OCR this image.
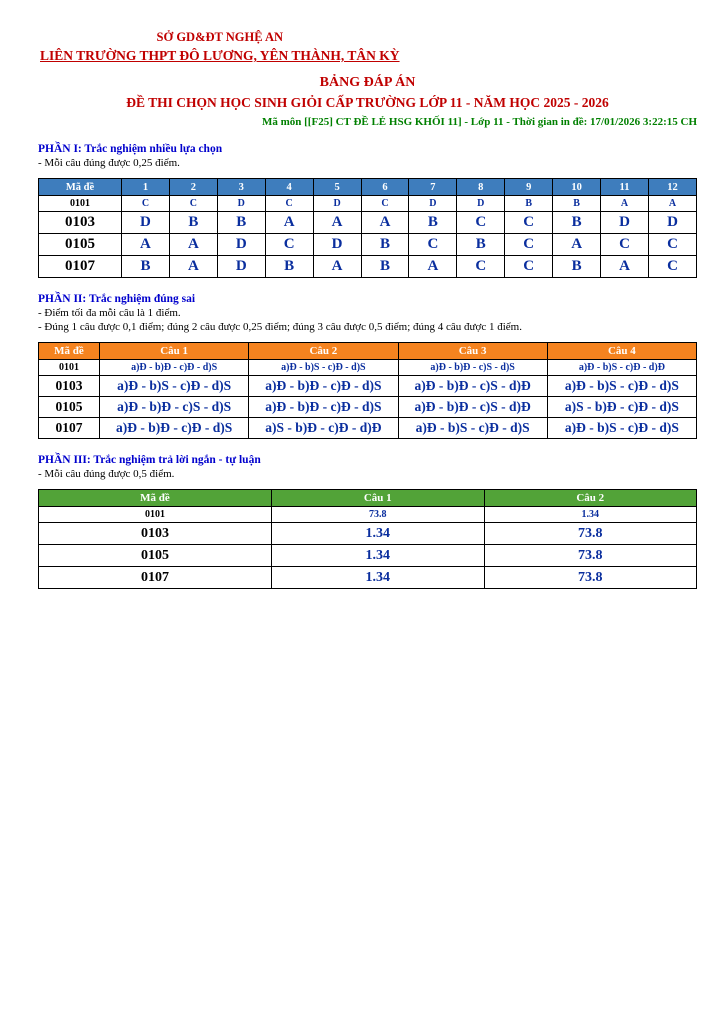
SỞ GD&ĐT NGHỆ AN
LIÊN TRƯỜNG THPT ĐÔ LƯƠNG, YÊN THÀNH, TÂN KỲ
BẢNG ĐÁP ÁN
ĐỀ THI CHỌN HỌC SINH GIỎI CẤP TRƯỜNG LỚP 11 - NĂM HỌC 2025 - 2026
Mã môn [[F25] CT ĐỀ LẺ HSG KHỐI 11] - Lớp 11 - Thời gian in đề: 17/01/2026 3:22:15 CH
PHẦN I: Trắc nghiệm nhiều lựa chọn
- Mỗi câu đúng được 0,25 điểm.
Mã đề	1	2	3	4	5	6	7	8	9	10	11	12
0101	C	C	D	C	D	C	D	D	B	B	A	A
0103	D	B	B	A	A	A	B	C	C	B	D	D
0105	A	A	D	C	D	B	C	B	C	A	C	C
0107	B	A	D	B	A	B	A	C	C	B	A	C
PHẦN II: Trắc nghiệm đúng sai
- Điểm tối đa mỗi câu là 1 điểm.
- Đúng 1 câu được 0,1 điểm; đúng 2 câu được 0,25 điểm; đúng 3 câu được 0,5 điểm; đúng 4 câu được 1 điểm.
Mã đề	Câu 1	Câu 2	Câu 3	Câu 4
0101	a)Đ - b)Đ - c)Đ - d)S	a)Đ - b)S - c)Đ - d)S	a)Đ - b)Đ - c)S - d)S	a)Đ - b)S - c)Đ - d)Đ
0103	a)Đ - b)S - c)Đ - d)S	a)Đ - b)Đ - c)Đ - d)S	a)Đ - b)Đ - c)S - d)Đ	a)Đ - b)S - c)Đ - d)S
0105	a)Đ - b)Đ - c)S - d)S	a)Đ - b)Đ - c)Đ - d)S	a)Đ - b)Đ - c)S - d)Đ	a)S - b)Đ - c)Đ - d)S
0107	a)Đ - b)Đ - c)Đ - d)S	a)S - b)Đ - c)Đ - d)Đ	a)Đ - b)S - c)Đ - d)S	a)Đ - b)S - c)Đ - d)S
PHẦN III: Trắc nghiệm trả lời ngắn - tự luận
- Mỗi câu đúng được 0,5 điểm.
Mã đề	Câu 1	Câu 2
0101	73.8	1.34
0103	1.34	73.8
0105	1.34	73.8
0107	1.34	73.8
